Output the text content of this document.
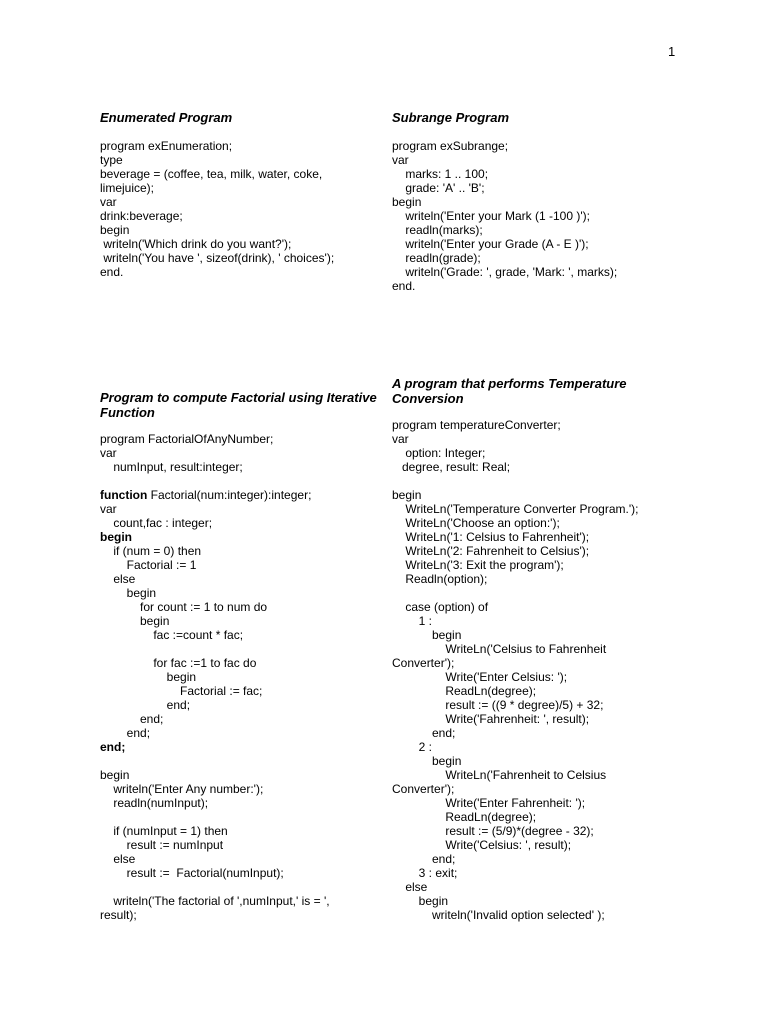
1
Enumerated Program
program exEnumeration;
type
beverage = (coffee, tea, milk, water, coke,
limejuice);
var
drink:beverage;
begin
writeln('Which drink do you want?');
writeln('You have ', sizeof(drink), ' choices');
end.
Subrange Program
program exSubrange;
var
marks: 1 .. 100;
grade: 'A' .. 'B';
begin
writeln('Enter your Mark (1 -100 )');
readln(marks);
writeln('Enter your Grade (A - E )');
readln(grade);
writeln('Grade: ', grade, 'Mark: ', marks);
end.
Program to compute Factorial using Iterative
Function
program FactorialOfAnyNumber;
var
numInput, result:integer;
function Factorial(num:integer):integer;
var
count,fac : integer;
begin
if (num = 0) then
Factorial := 1
else
begin
for count := 1 to num do
begin
fac :=count * fac;
for fac :=1 to fac do
begin
Factorial := fac;
end;
end;
end;
end;
begin
writeln('Enter Any number:');
readln(numInput);
if (numInput = 1) then
result := numInput
else
result :=  Factorial(numInput);
writeln('The factorial of ',numInput,' is = ',
result);
A program that performs Temperature
Conversion
program temperatureConverter;
var
option: Integer;
degree, result: Real;
begin
WriteLn('Temperature Converter Program.');
WriteLn('Choose an option:');
WriteLn('1: Celsius to Fahrenheit');
WriteLn('2: Fahrenheit to Celsius');
WriteLn('3: Exit the program');
Readln(option);
case (option) of
1 :
begin
WriteLn('Celsius to Fahrenheit
Converter');
Write('Enter Celsius: ');
ReadLn(degree);
result := ((9 * degree)/5) + 32;
Write('Fahrenheit: ', result);
end;
2 :
begin
WriteLn('Fahrenheit to Celsius
Converter');
Write('Enter Fahrenheit: ');
ReadLn(degree);
result := (5/9)*(degree - 32);
Write('Celsius: ', result);
end;
3 : exit;
else
begin
writeln('Invalid option selected' );
